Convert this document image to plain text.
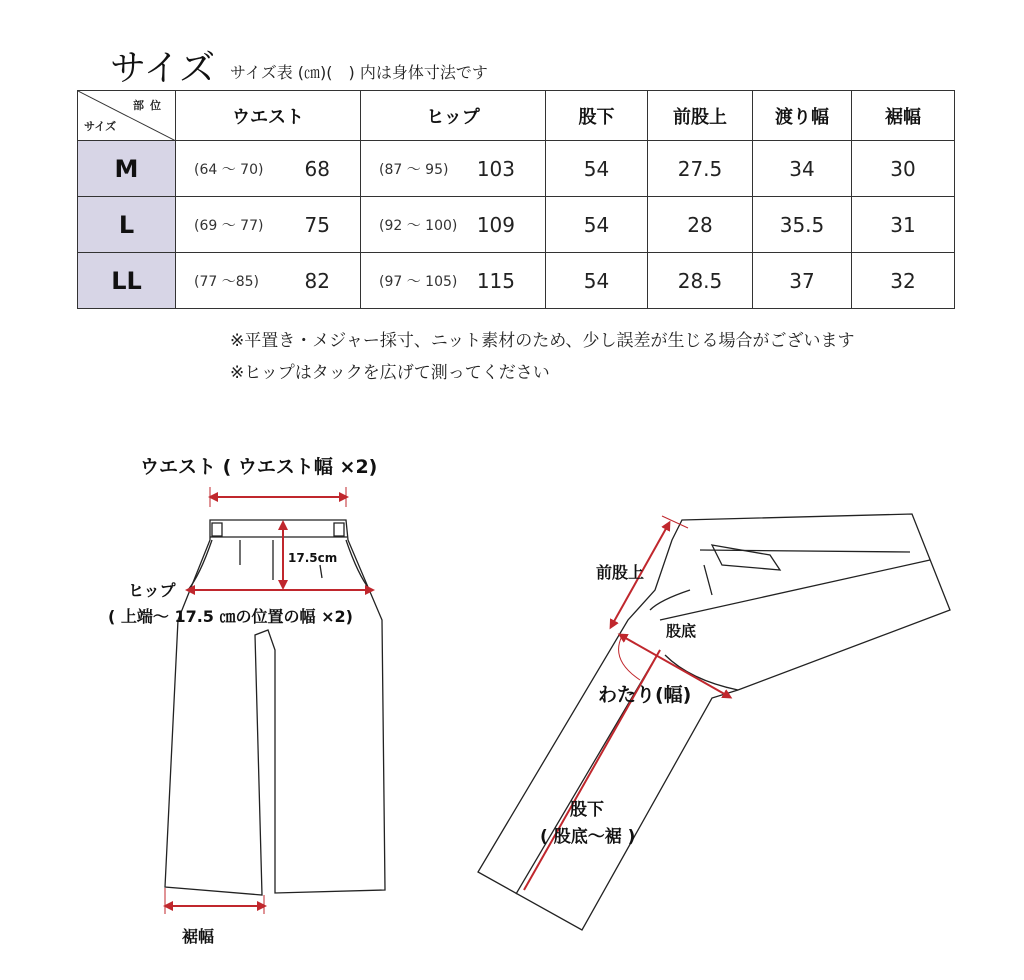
サイズ サイズ表 (㎝)(　) 内は身体寸法です
部位
サイズ	ウエスト	ヒップ	股下	前股上	渡り幅	裾幅
M	(64 ～ 70) 68	(87 ～ 95) 103	54	27.5	34	30
L	(69 ～ 77) 75	(92 ～ 100) 109	54	28	35.5	31
LL	(77 ～85) 82	(97 ～ 105) 115	54	28.5	37	32
※平置き・メジャー採寸、ニット素材のため、少し誤差が生じる場合がございます
※ヒップはタックを広げて測ってください
ウエスト ( ウエスト幅 ×2)
17.5cm
ヒップ
( 上端～ 17.5 ㎝の位置の幅 ×2)
裾幅
前股上
股底
わたり(幅)
股下
( 股底～裾 )
